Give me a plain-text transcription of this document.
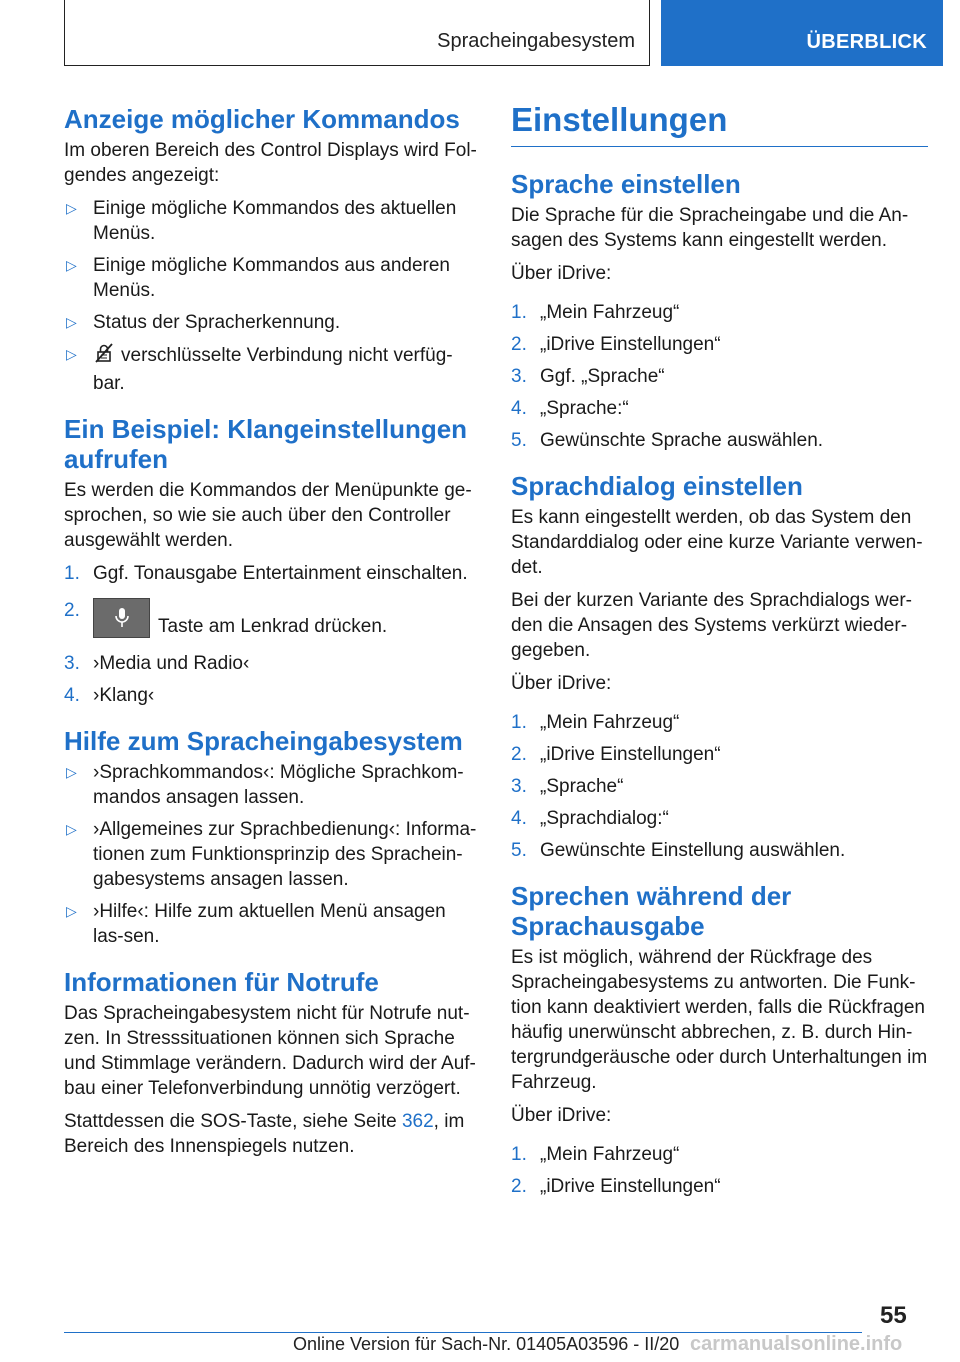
Spracheingabesystem	ÜBERBLICK
Anzeige möglicher Kommandos

Im oberen Bereich des Control Displays wird Fol-gendes angezeigt:

▷ Einige mögliche Kommandos des aktuellen Menüs.
▷ Einige mögliche Kommandos aus anderen Menüs.
▷ Status der Spracherkennung.
▷ verschlüsselte Verbindung nicht verfüg-bar.
Ein Beispiel: Klangeinstellungen aufrufen

Es werden die Kommandos der Menüpunkte ge-sprochen, so wie sie auch über den Controller ausgewählt werden.

1. Ggf. Tonausgabe Entertainment einschalten.
2.
Taste am Lenkrad drücken.
3. ›Media und Radio‹
4. ›Klang‹
Hilfe zum Spracheingabesystem
▷ ›Sprachkommandos‹: Mögliche Sprachkom-mandos ansagen lassen.
▷ ›Allgemeines zur Sprachbedienung‹: Informa-tionen zum Funktionsprinzip des Sprachein-gabesystems ansagen lassen.
▷ ›Hilfe‹: Hilfe zum aktuellen Menü ansagen las-sen.
Informationen für Notrufe

Das Spracheingabesystem nicht für Notrufe nut-zen. In Stresssituationen können sich Sprache und Stimmlage verändern. Dadurch wird der Auf-bau einer Telefonverbindung unnötig verzögert.

Stattdessen die SOS-Taste, siehe Seite 362, im Bereich des Innenspiegels nutzen.

Einstellungen
Sprache einstellen

Die Sprache für die Spracheingabe und die An-sagen des Systems kann eingestellt werden.

Über iDrive:

1. „Mein Fahrzeug“
2. „iDrive Einstellungen“
3. Ggf. „Sprache“
4. „Sprache:“
5. Gewünschte Sprache auswählen.
Sprachdialog einstellen

Es kann eingestellt werden, ob das System den Standarddialog oder eine kurze Variante verwen-det.

Bei der kurzen Variante des Sprachdialogs wer-den die Ansagen des Systems verkürzt wieder-gegeben.

Über iDrive:

1. „Mein Fahrzeug“
2. „iDrive Einstellungen“
3. „Sprache“
4. „Sprachdialog:“
5. Gewünschte Einstellung auswählen.
Sprechen während der Sprachausgabe

Es ist möglich, während der Rückfrage des Spracheingabesystems zu antworten. Die Funk-tion kann deaktiviert werden, falls die Rückfragen häufig unerwünscht abbrechen, z. B. durch Hin-tergrundgeräusche oder durch Unterhaltungen im Fahrzeug.

Über iDrive:

1. „Mein Fahrzeug“
2. „iDrive Einstellungen“
55
Online Version für Sach-Nr. 01405A03596 - II/20 carmanualsonline.info
